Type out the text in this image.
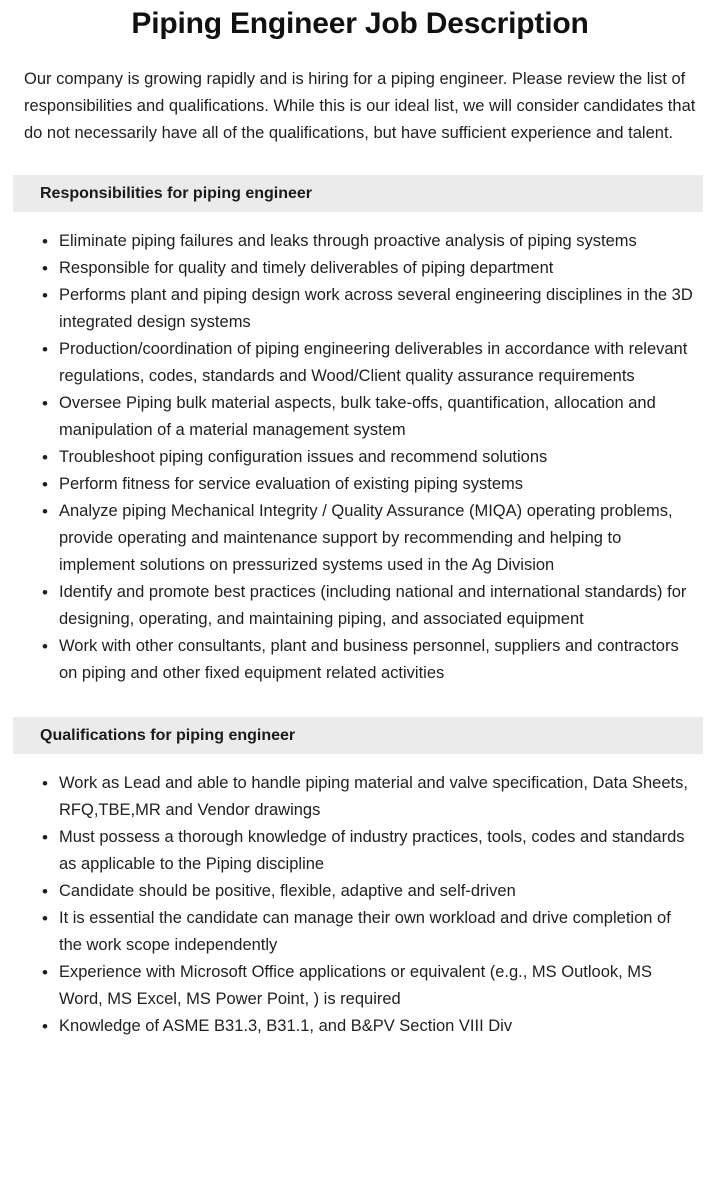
Piping Engineer Job Description

Our company is growing rapidly and is hiring for a piping engineer. Please review the list of responsibilities and qualifications. While this is our ideal list, we will consider candidates that do not necessarily have all of the qualifications, but have sufficient experience and talent.

Responsibilities for piping engineer
• Eliminate piping failures and leaks through proactive analysis of piping systems
• Responsible for quality and timely deliverables of piping department
• Performs plant and piping design work across several engineering disciplines in the 3D integrated design systems
• Production/coordination of piping engineering deliverables in accordance with relevant regulations, codes, standards and Wood/Client quality assurance requirements
• Oversee Piping bulk material aspects, bulk take-offs, quantification, allocation and manipulation of a material management system
• Troubleshoot piping configuration issues and recommend solutions
• Perform fitness for service evaluation of existing piping systems
• Analyze piping Mechanical Integrity / Quality Assurance (MIQA) operating problems, provide operating and maintenance support by recommending and helping to implement solutions on pressurized systems used in the Ag Division
• Identify and promote best practices (including national and international standards) for designing, operating, and maintaining piping, and associated equipment
• Work with other consultants, plant and business personnel, suppliers and contractors on piping and other fixed equipment related activities
Qualifications for piping engineer
• Work as Lead and able to handle piping material and valve specification, Data Sheets, RFQ,TBE,MR and Vendor drawings
• Must possess a thorough knowledge of industry practices, tools, codes and standards as applicable to the Piping discipline
• Candidate should be positive, flexible, adaptive and self-driven
• It is essential the candidate can manage their own workload and drive completion of the work scope independently
• Experience with Microsoft Office applications or equivalent (e.g., MS Outlook, MS Word, MS Excel, MS Power Point, ) is required
• Knowledge of ASME B31.3, B31.1, and B&PV Section VIII Div
